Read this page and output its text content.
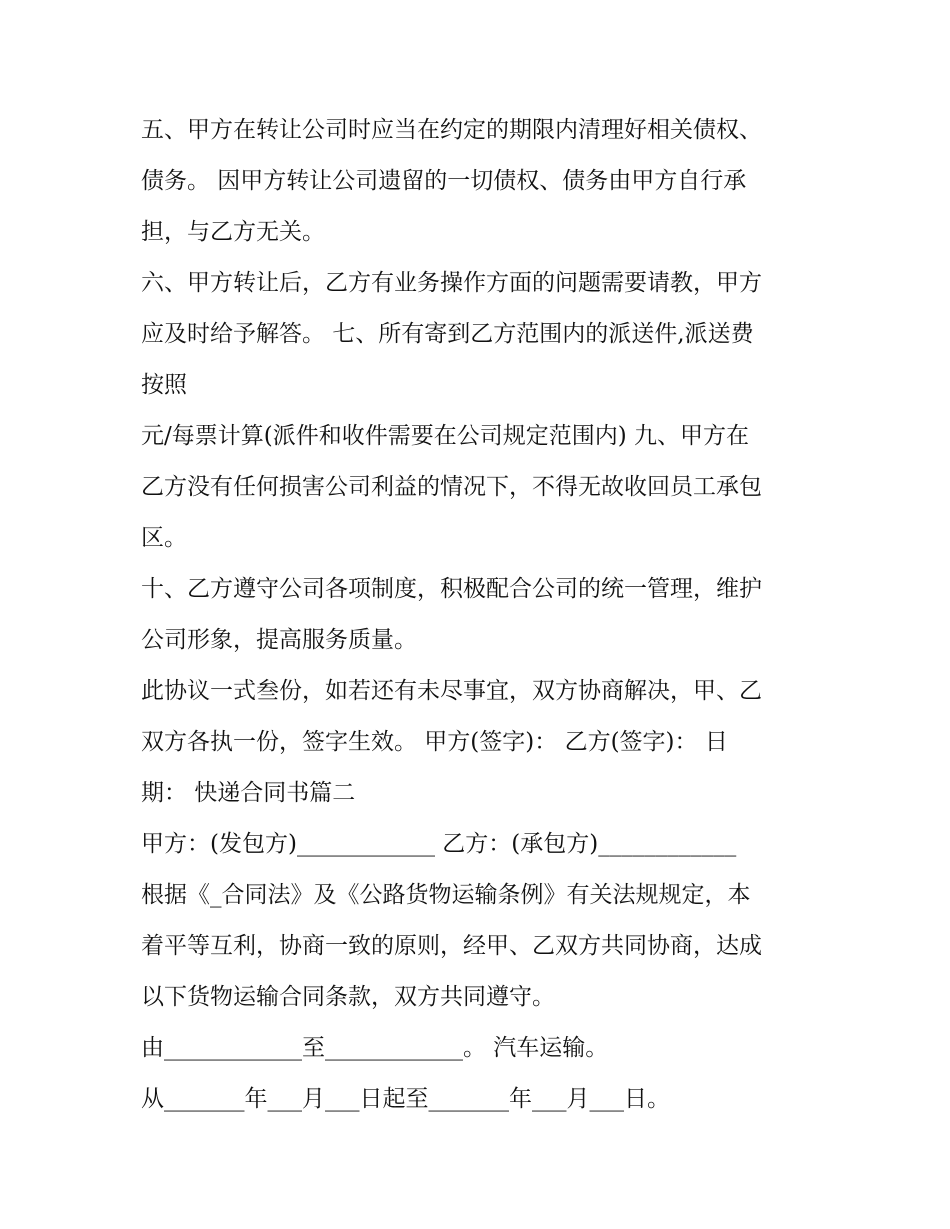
五、甲方在转让公司时应当在约定的期限内清理好相关债权、
债务。 因甲方转让公司遗留的一切债权、债务由甲方自行承
担，与乙方无关。
六、甲方转让后，乙方有业务操作方面的问题需要请教，甲方
应及时给予解答。 七、所有寄到乙方范围内的派送件,派送费
按照
元/每票计算(派件和收件需要在公司规定范围内) 九、甲方在
乙方没有任何损害公司利益的情况下，不得无故收回员工承包
区。
十、乙方遵守公司各项制度，积极配合公司的统一管理，维护
公司形象，提高服务质量。
此协议一式叁份，如若还有未尽事宜，双方协商解决，甲、乙
双方各执一份，签字生效。 甲方(签字)： 乙方(签字)： 日
期： 快递合同书篇二
甲方：(发包方)____________ 乙方：(承包方)____________
根据《_合同法》及《公路货物运输条例》有关法规规定，本
着平等互利，协商一致的原则，经甲、乙双方共同协商，达成
以下货物运输合同条款，双方共同遵守。
由____________至____________。 汽车运输。
从_______年___月___日起至_______年___月___日。
